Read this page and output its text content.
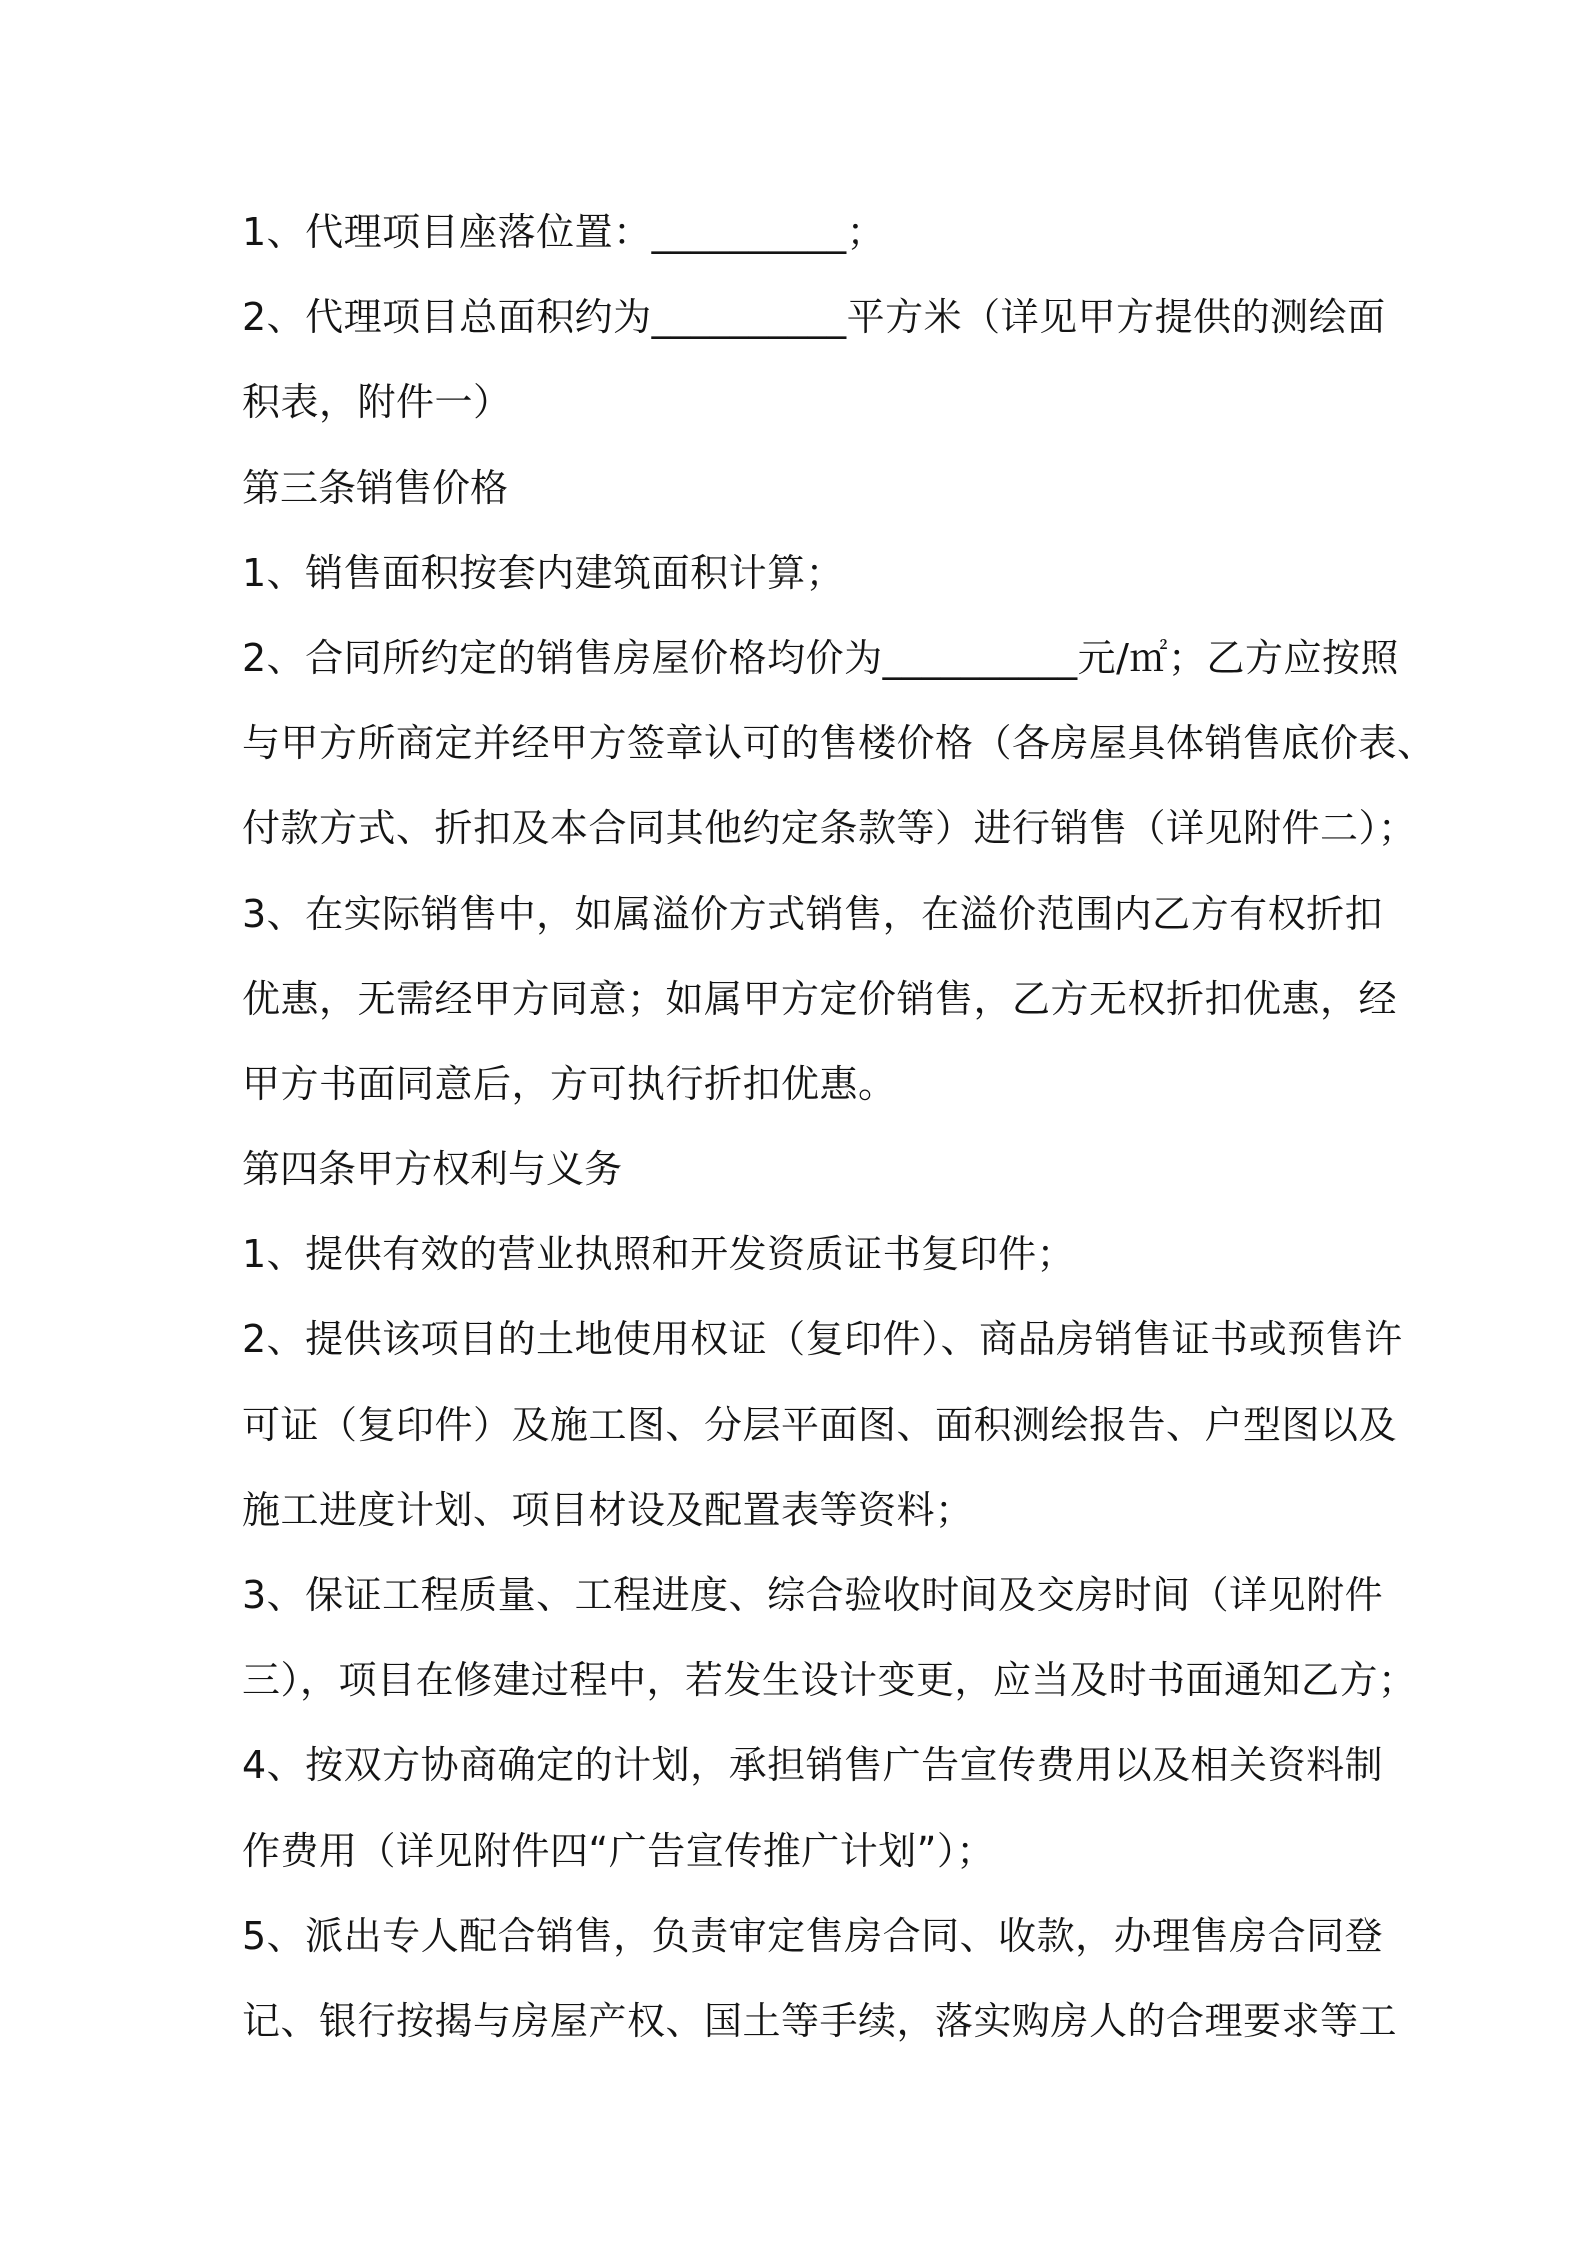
1、代理项目座落位置：__________；
2、代理项目总面积约为__________平方米（详见甲方提供的测绘面
积表，附件一）
第三条销售价格
1、销售面积按套内建筑面积计算；
2、合同所约定的销售房屋价格均价为__________元/㎡；乙方应按照
与甲方所商定并经甲方签章认可的售楼价格（各房屋具体销售底价表、
付款方式、折扣及本合同其他约定条款等）进行销售（详见附件二）；
3、在实际销售中，如属溢价方式销售，在溢价范围内乙方有权折扣
优惠，无需经甲方同意；如属甲方定价销售，乙方无权折扣优惠，经
甲方书面同意后，方可执行折扣优惠。
第四条甲方权利与义务
1、提供有效的营业执照和开发资质证书复印件；
2、提供该项目的土地使用权证（复印件）、商品房销售证书或预售许
可证（复印件）及施工图、分层平面图、面积测绘报告、户型图以及
施工进度计划、项目材设及配置表等资料；
3、保证工程质量、工程进度、综合验收时间及交房时间（详见附件
三），项目在修建过程中，若发生设计变更，应当及时书面通知乙方；
4、按双方协商确定的计划，承担销售广告宣传费用以及相关资料制
作费用（详见附件四“广告宣传推广计划”）；
5、派出专人配合销售，负责审定售房合同、收款，办理售房合同登
记、银行按揭与房屋产权、国土等手续，落实购房人的合理要求等工
